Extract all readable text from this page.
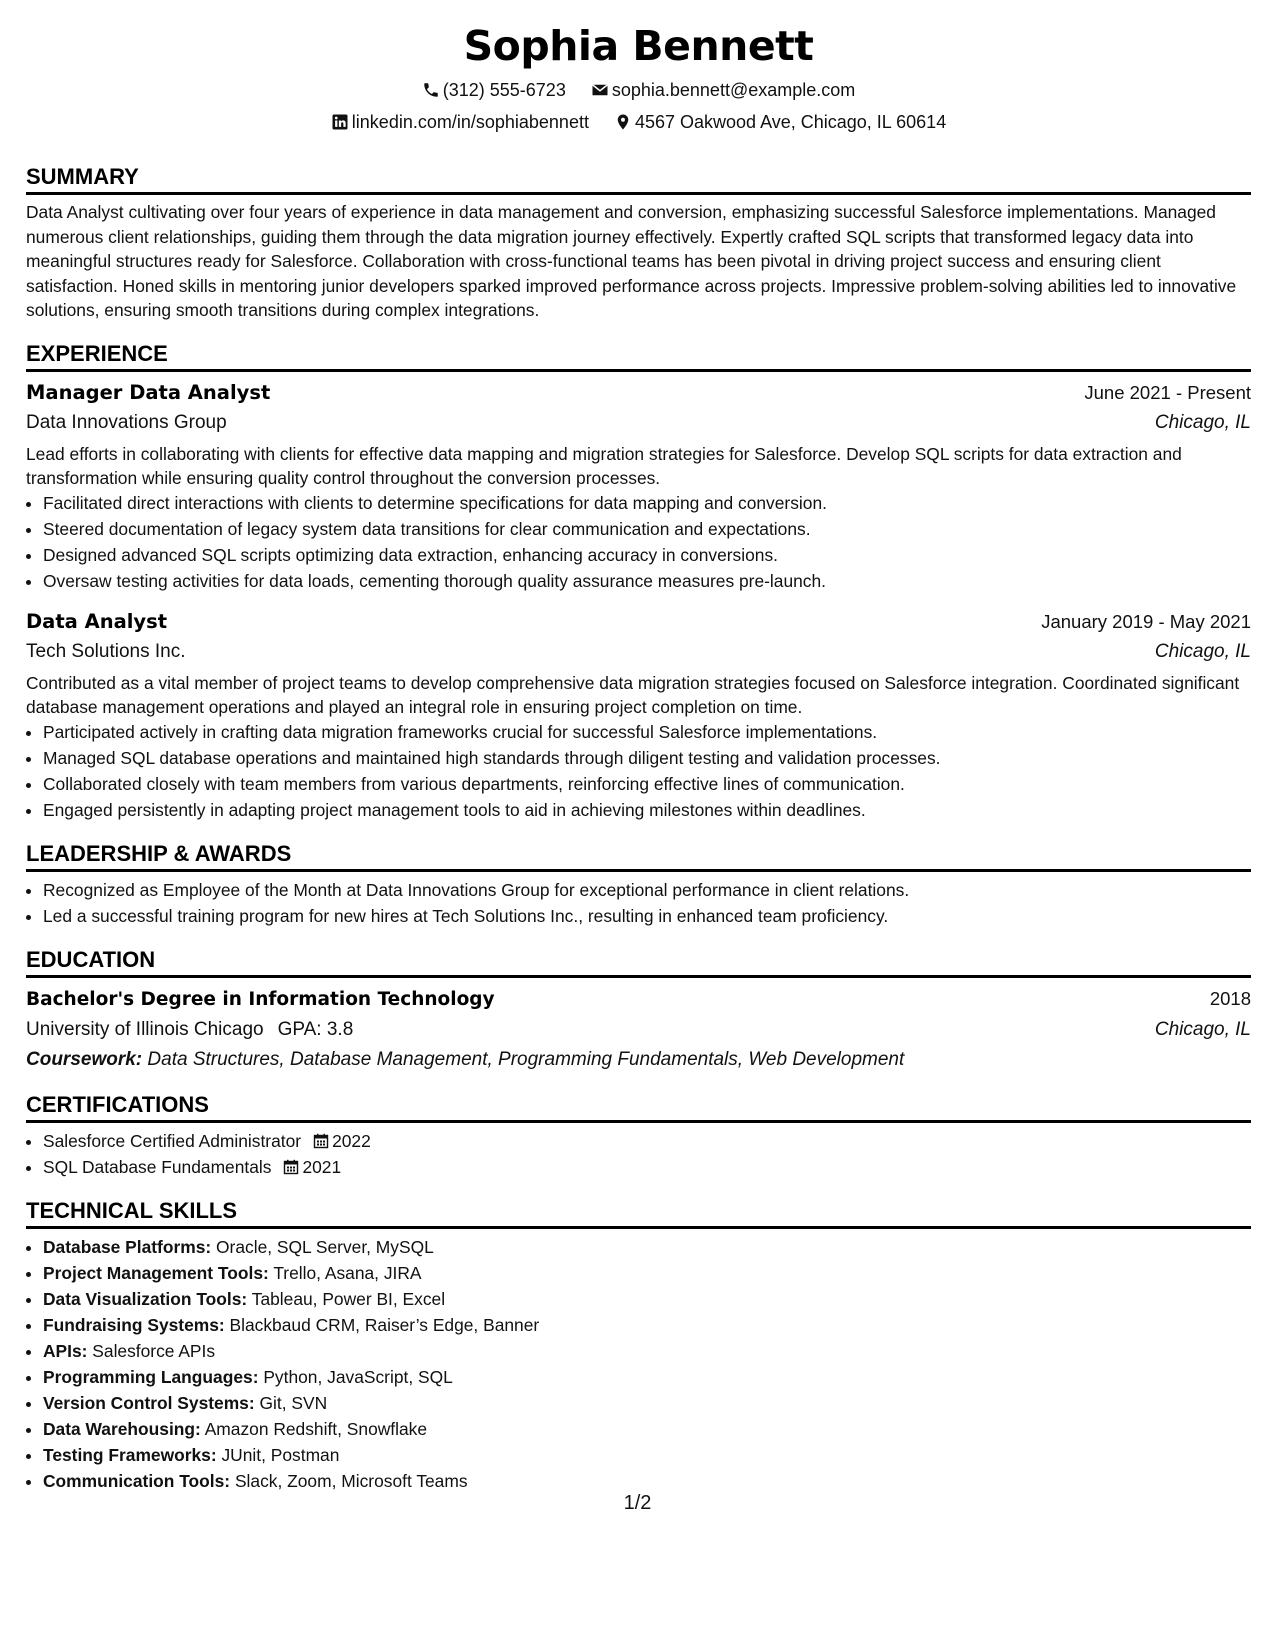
Sophia Bennett
(312) 555-6723	sophia.bennett@example.com
linkedin.com/in/sophiabennett	4567 Oakwood Ave, Chicago, IL 60614
SUMMARY

Data Analyst cultivating over four years of experience in data management and conversion, emphasizing successful Salesforce implementations. Managed numerous client relationships, guiding them through the data migration journey effectively. Expertly crafted SQL scripts that transformed legacy data into meaningful structures ready for Salesforce. Collaboration with cross-functional teams has been pivotal in driving project success and ensuring client satisfaction. Honed skills in mentoring junior developers sparked improved performance across projects. Impressive problem-solving abilities led to innovative solutions, ensuring smooth transitions during complex integrations.

EXPERIENCE
Manager Data Analyst	June 2021 - Present
Data Innovations Group	Chicago, IL

Lead efforts in collaborating with clients for effective data mapping and migration strategies for Salesforce. Develop SQL scripts for data extraction and transformation while ensuring quality control throughout the conversion processes.

• Facilitated direct interactions with clients to determine specifications for data mapping and conversion.
• Steered documentation of legacy system data transitions for clear communication and expectations.
• Designed advanced SQL scripts optimizing data extraction, enhancing accuracy in conversions.
• Oversaw testing activities for data loads, cementing thorough quality assurance measures pre-launch.
Data Analyst	January 2019 - May 2021
Tech Solutions Inc.	Chicago, IL

Contributed as a vital member of project teams to develop comprehensive data migration strategies focused on Salesforce integration. Coordinated significant database management operations and played an integral role in ensuring project completion on time.

• Participated actively in crafting data migration frameworks crucial for successful Salesforce implementations.
• Managed SQL database operations and maintained high standards through diligent testing and validation processes.
• Collaborated closely with team members from various departments, reinforcing effective lines of communication.
• Engaged persistently in adapting project management tools to aid in achieving milestones within deadlines.
LEADERSHIP & AWARDS
• Recognized as Employee of the Month at Data Innovations Group for exceptional performance in client relations.
• Led a successful training program for new hires at Tech Solutions Inc., resulting in enhanced team proficiency.
EDUCATION
Bachelor's Degree in Information Technology	2018
University of Illinois Chicago GPA: 3.8	Chicago, IL
Coursework: Data Structures, Database Management, Programming Fundamentals, Web Development
CERTIFICATIONS
• Salesforce Certified Administrator 2022
• SQL Database Fundamentals 2021
TECHNICAL SKILLS
• Database Platforms: Oracle, SQL Server, MySQL
• Project Management Tools: Trello, Asana, JIRA
• Data Visualization Tools: Tableau, Power BI, Excel
• Fundraising Systems: Blackbaud CRM, Raiser’s Edge, Banner
• APIs: Salesforce APIs
• Programming Languages: Python, JavaScript, SQL
• Version Control Systems: Git, SVN
• Data Warehousing: Amazon Redshift, Snowflake
• Testing Frameworks: JUnit, Postman
• Communication Tools: Slack, Zoom, Microsoft Teams
1/2
